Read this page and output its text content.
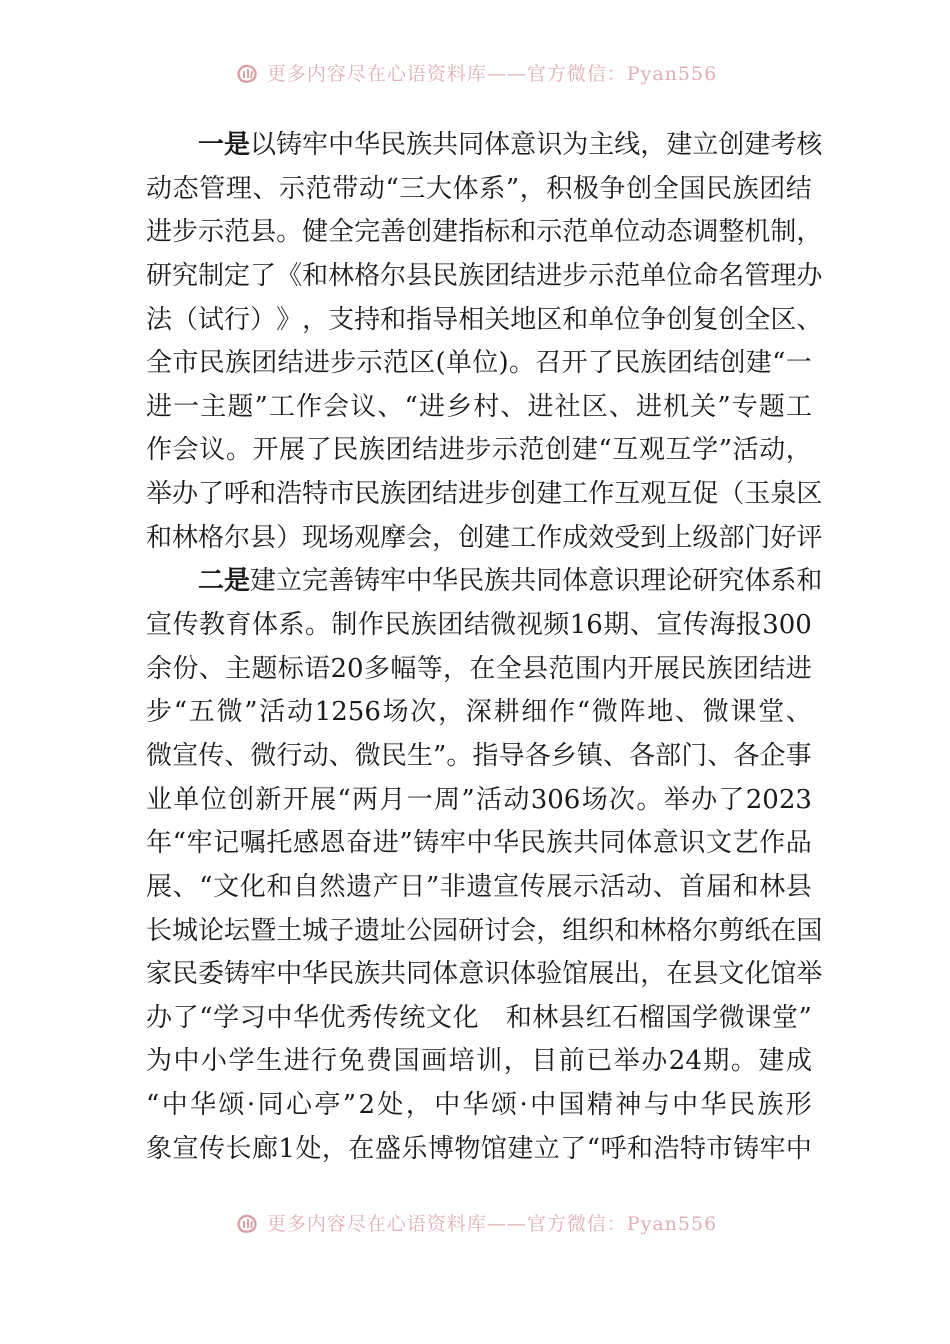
更多内容尽在心语资料库——官方微信：Pyan556
一是 以 铸 牢 中 华 民 族 共 同 体 意 识 为 主 线 ， 建 立 创 建 考 核
动 态 管 理 、 示 范 带 动 “ 三 大 体 系 ” ， 积 极 争 创 全 国 民 族 团 结
进 步 示 范 县 。 健 全 完 善 创 建 指 标 和 示 范 单 位 动 态 调 整 机 制 ，
研 究 制 定 了 《 和 林 格 尔 县 民 族 团 结 进 步 示 范 单 位 命 名 管 理 办
法 （ 试 行 ） 》 ， 支 持 和 指 导 相 关 地 区 和 单 位 争 创 复 创 全 区 、
全 市 民 族 团 结 进 步 示 范 区 ( 单 位 ) 。 召 开 了 民 族 团 结 创 建 “ 一
进 一 主 题 ” 工 作 会 议 、 “ 进 乡 村 、 进 社 区 、 进 机 关 ” 专 题 工
作 会 议 。 开 展 了 民 族 团 结 进 步 示 范 创 建 “ 互 观 互 学 ” 活 动 ，
举 办 了 呼 和 浩 特 市 民 族 团 结 进 步 创 建 工 作 互 观 互 促 （ 玉 泉 区
和 林 格 尔 县 ） 现 场 观 摩 会 ， 创 建 工 作 成 效 受 到 上 级 部 门 好 评
二是 建 立 完 善 铸 牢 中 华 民 族 共 同 体 意 识 理 论 研 究 体 系 和
宣 传 教 育 体 系 。 制 作 民 族 团 结 微 视 频 16 期 、 宣 传 海 报 300
余 份 、 主 题 标 语 20 多 幅 等 ， 在 全 县 范 围 内 开 展 民 族 团 结 进
步 “ 五 微 ” 活 动 1256 场 次 ， 深 耕 细 作 “ 微 阵 地 、 微 课 堂 、
微 宣 传 、 微 行 动 、 微 民 生 ” 。 指 导 各 乡 镇 、 各 部 门 、 各 企 事
业 单 位 创 新 开 展 “ 两 月 一 周 ” 活 动 306 场 次 。 举 办 了 2023
年 “ 牢 记 嘱 托 感 恩 奋 进 ” 铸 牢 中 华 民 族 共 同 体 意 识 文 艺 作 品
展 、 “ 文 化 和 自 然 遗 产 日 ” 非 遗 宣 传 展 示 活 动 、 首 届 和 林 县
长 城 论 坛 暨 土 城 子 遗 址 公 园 研 讨 会 ， 组 织 和 林 格 尔 剪 纸 在 国
家 民 委 铸 牢 中 华 民 族 共 同 体 意 识 体 验 馆 展 出 ， 在 县 文 化 馆 举
办 了 “ 学 习 中 华 优 秀 传 统 文 化
　 和 林 县 红 石 榴 国 学 微 课 堂 ”
为 中 小 学 生 进 行 免 费 国 画 培 训 ， 目 前 已 举 办 24 期 。 建 成
“ 中 华 颂 · 同 心 亭 ” 2 处 ， 中 华 颂 · 中 国 精 神 与 中 华 民 族 形
象 宣 传 长 廊 1 处 ， 在 盛 乐 博 物 馆 建 立 了 “ 呼 和 浩 特 市 铸 牢 中
更多内容尽在心语资料库——官方微信：Pyan556
